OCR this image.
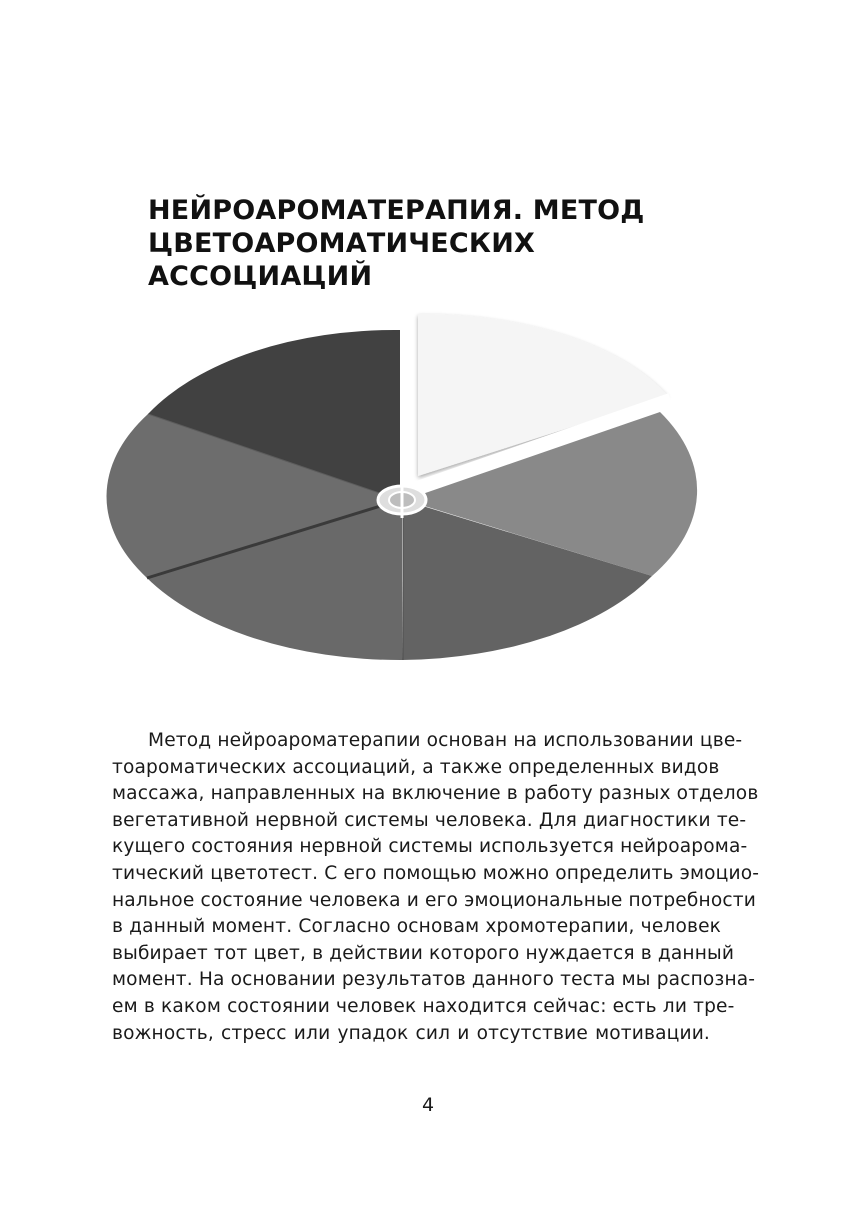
НЕЙРОАРОМАТЕРАПИЯ. МЕТОД
ЦВЕТОАРОМАТИЧЕСКИХ
АССОЦИАЦИЙ
Метод нейроароматерапии основан на использовании цве-
тоароматических ассоциаций, а также определенных видов
массажа, направленных на включение в работу разных отделов
вегетативной нервной системы человека. Для диагностики те-
кущего состояния нервной системы используется нейроарома-
тический цветотест. С его помощью можно определить эмоцио-
нальное состояние человека и его эмоциональные потребности
в данный момент. Согласно основам хромотерапии, человек
выбирает тот цвет, в действии которого нуждается в данный
момент. На основании результатов данного теста мы распозна-
ем в каком состоянии человек находится сейчас: есть ли тре-
вожность, стресс или упадок сил и отсутствие мотивации.
4
